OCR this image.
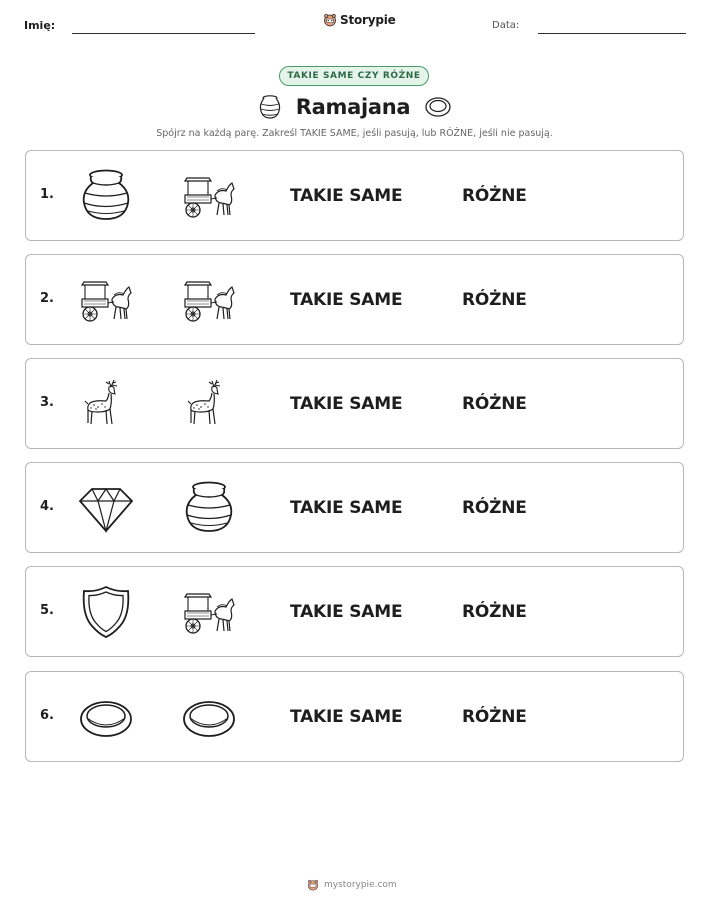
Imię:	Storypie	Data:
TAKIE SAME CZY RÓŻNE
Ramajana
Spójrz na każdą parę. Zakreśl TAKIE SAME, jeśli pasują, lub RÓŻNE, jeśli nie pasują.
1.	TAKIE SAME	RÓŻNE
2.	TAKIE SAME	RÓŻNE
3.	TAKIE SAME	RÓŻNE
4.	TAKIE SAME	RÓŻNE
5.	TAKIE SAME	RÓŻNE
6.	TAKIE SAME	RÓŻNE
mystorypie.com
